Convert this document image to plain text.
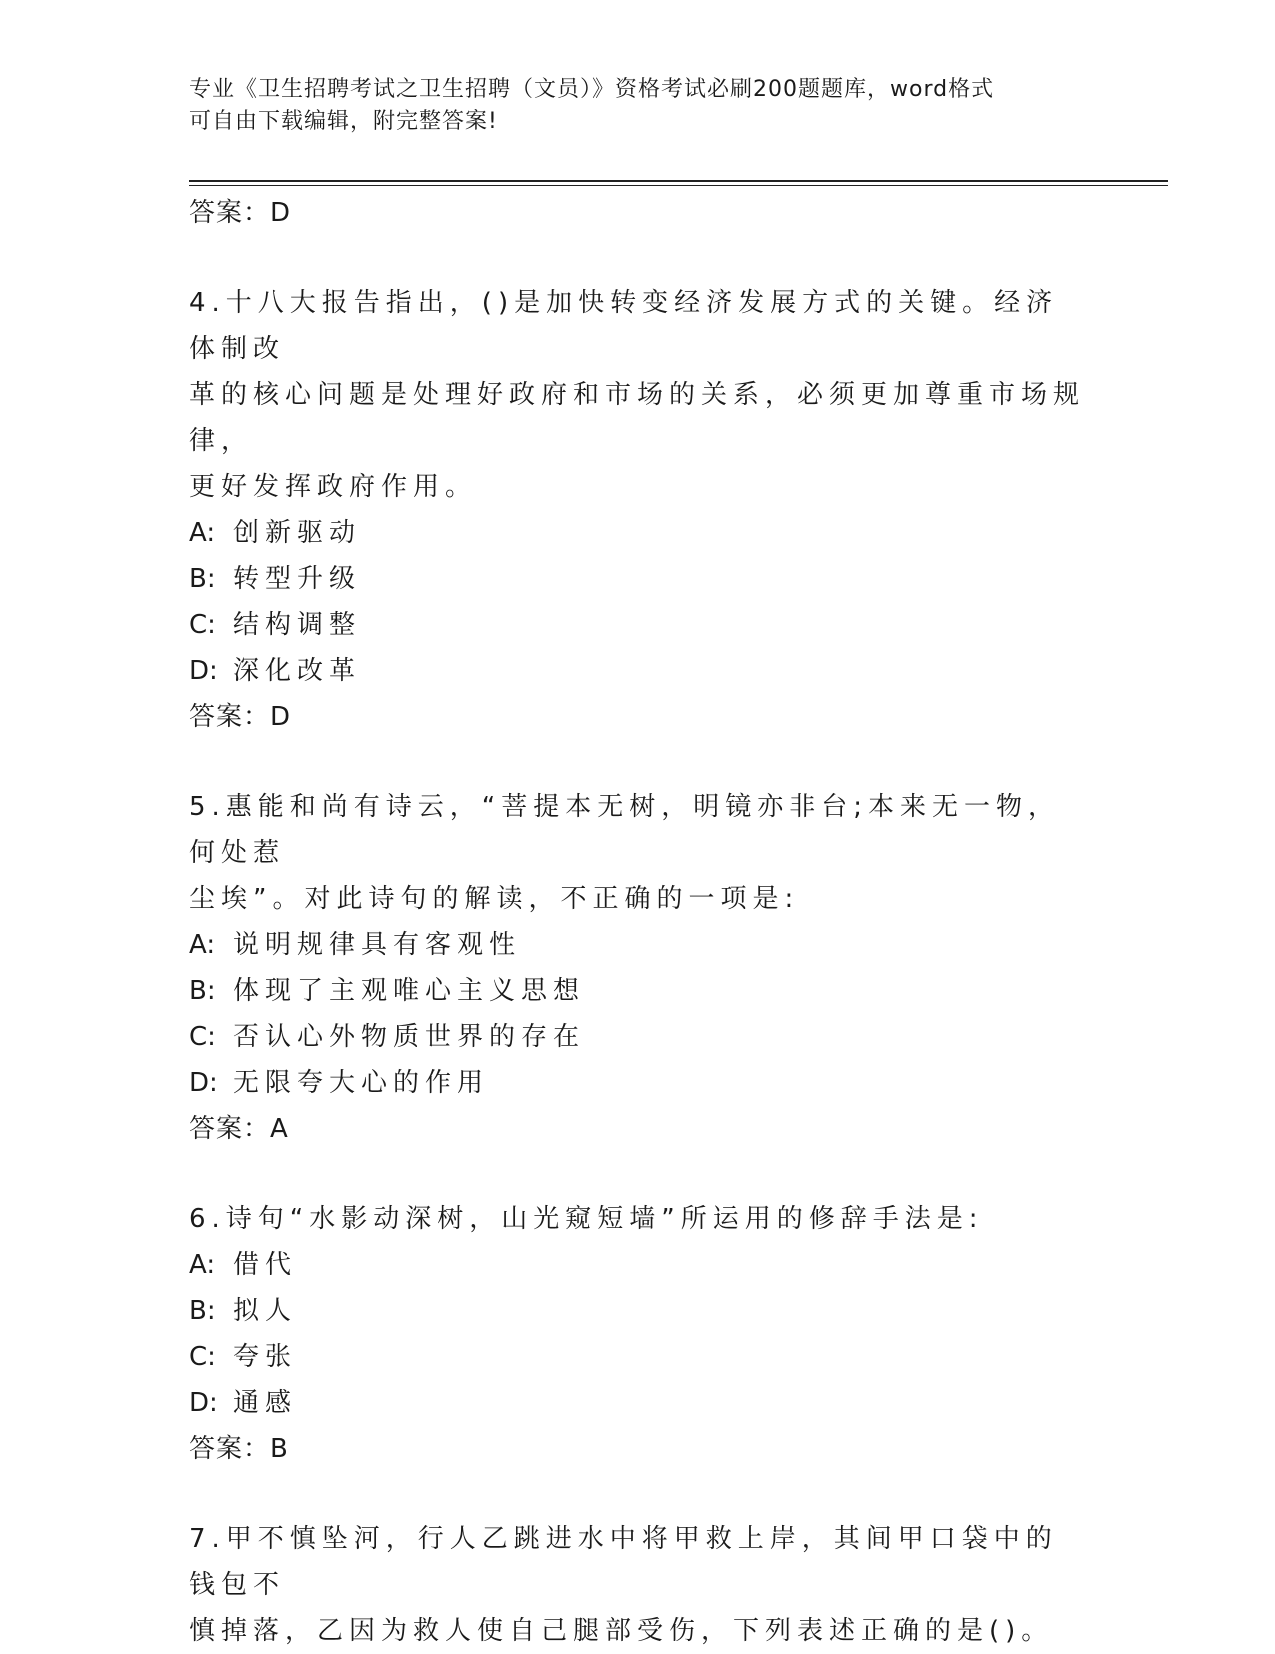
专业《卫生招聘考试之卫生招聘（文员）》资格考试必刷200题题库，word格式
可自由下载编辑，附完整答案!
答案：D
4.十八大报告指出，()是加快转变经济发展方式的关键。经济体制改
革的核心问题是处理好政府和市场的关系，必须更加尊重市场规律，
更好发挥政府作用。
A: 创新驱动
B: 转型升级
C: 结构调整
D: 深化改革
答案：D
5.惠能和尚有诗云，“菩提本无树，明镜亦非台;本来无一物，何处惹
尘埃”。对此诗句的解读，不正确的一项是:
A: 说明规律具有客观性
B: 体现了主观唯心主义思想
C: 否认心外物质世界的存在
D: 无限夸大心的作用
答案：A
6.诗句“水影动深树，山光窥短墙”所运用的修辞手法是:
A: 借代
B: 拟人
C: 夸张
D: 通感
答案：B
7.甲不慎坠河，行人乙跳进水中将甲救上岸，其间甲口袋中的钱包不
慎掉落，乙因为救人使自己腿部受伤，下列表述正确的是()。
